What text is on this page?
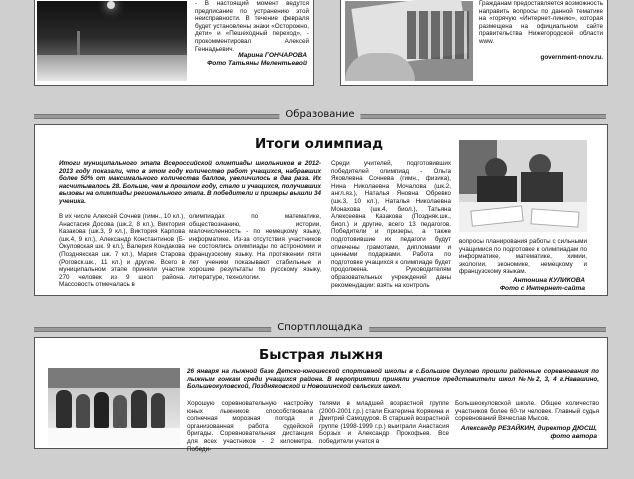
- В настоящий момент ведутся предписание по устранению этой неисправности. В течение февраля будет установлены знаки «Осторожно, дети» и «Пешеходный переход», - прокомментировал Алексей Геннадьевич.

Марина ГОНЧАРОВА

Фото Татьяны Мелентьевой

Гражданам предоставляется возможность направить вопросы по данной тематике на «горячую «Интернет-линию», которая размещена на официальном сайте правительства Нижегородской области www.

government-nnov.ru.

Образование
Итоги олимпиад

Итоги муниципального этапа Всероссийской олимпиады школьников в 2012-2013 году показали, что в этом году количество работ учащихся, набравших более 50% от максимального количества баллов, увеличилось в два раза. Их насчитывалось 28. Больше, чем в прошлом году, стало и учащихся, получивших вызовы на олимпиады регионального этапа. В победители и призеры вышли 34 ученика.

В их числе Алексей Сочнев (гимн., 10 кл.), Анастасия Досова (шк.2, 8 кл.), Виктория Казакова (шк.3, 9 кл.), Виктория Карпова (шк.4, 9 кл.), Александр Константинов (Б-Окуловская шк. 9 кл.), Валерия Кондакова (Позднякская шк. 7 кл.), Мария Старова (Роговск.шк., 11 кл.) и другие. Всего в муниципальном этапе приняли участие 270 человек из 9 школ района. Массовость отмечалась в

олимпиадах по математике, обществознанию, истории, малочисленность - по немецкому языку, информатике. Из-за отсутствия участников не состоялись олимпиады по астрономии и французскому языку. На протяжении пяти лет ученики показывают стабильные и хорошие результаты по русскому языку, литературе, технологии.

Среди учителей, подготовивших победителей олимпиад - Ольга Яковлевна Сочнева (гимн., физика), Нина Николаевна Мочалова (шк.2, англ.яз.), Наталья Яновна Обревко (шк.3, 10 кл.), Наталья Николаевна Монахова (шк.4, биол.), Татьяна Алексеевна Казакова (Поздняк.шк., биол.) и другие, всего 13 педагогов. Победители и призеры, а также подготовившие их педагоги будут отмечены грамотами, дипломами и ценными подарками. Работа по подготовке учащихся к олимпиаде будет продолжена. Руководителям образовательных учреждений даны рекомендации: взять на контроль

вопросы планирования работы с сильными учащимися по подготовке к олимпиадам по информатике, математике, химии, экологии, экономике, немецкому и французскому языкам.

Антонина КУЛИКОВА

Фото с Интернет-сайта

Спортплощадка
Быстрая лыжня

26 января на лыжной базе Детско-юношеской спортивной школы в с.Большое Окулово прошли районные соревнования по лыжным гонкам среди учащихся района. В мероприятии приняли участие представители школ №№2, 3, 4 г.Навашино, Большеокуловской, Поздняковской и Новошинской сельских школ.

Хорошую соревновательную настройку юных лыжников способствовала солнечная морозная погода и организованная работа судейской бригады. Соревновательная дистанция для всех участников - 2 километра. Победи-

телями в младшей возрастной группе (2000-2001 г.р.) стали Екатерина Корякина и Дмитрий Самодуров. В старшей возрастной группе (1998-1999 г.р.) выиграли Анастасия Борзых и Александр Прокофьев. Все победители учатся в

Большеокуловской школе. Общее количество участников более 60-ти человек. Главный судья соревнований Вячеслав Мысов.

Александр РЕЗАЙКИН, директор ДЮСШ, фото автора
